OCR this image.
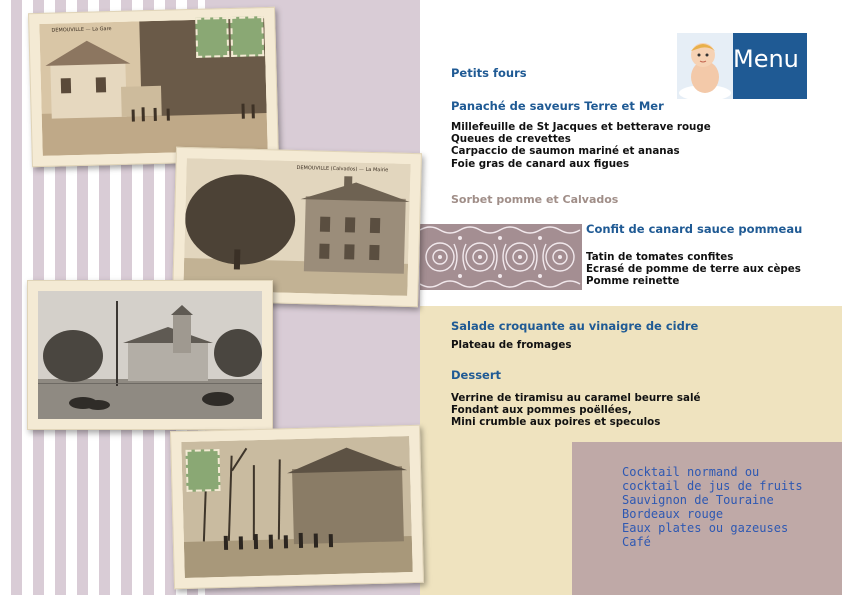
DEMOUVILLE — La Gare
DEMOUVILLE (Calvados) — La Mairie
Menu
Petits fours
Panaché de saveurs Terre et Mer
Millefeuille de St Jacques et betterave rouge
Queues de crevettes
Carpaccio de saumon mariné et ananas
Foie gras de canard aux figues
Sorbet pomme et Calvados
Confit de canard sauce pommeau
Tatin de tomates confites
Ecrasé de pomme de terre aux cèpes
Pomme reinette
Salade croquante au vinaigre de cidre
Plateau de fromages
Dessert
Verrine de tiramisu au caramel beurre salé
Fondant aux pommes poëllées,
Mini crumble aux poires et speculos
Cocktail normand ou
cocktail de jus de fruits
Sauvignon de Touraine
Bordeaux rouge
Eaux plates ou gazeuses
Café
